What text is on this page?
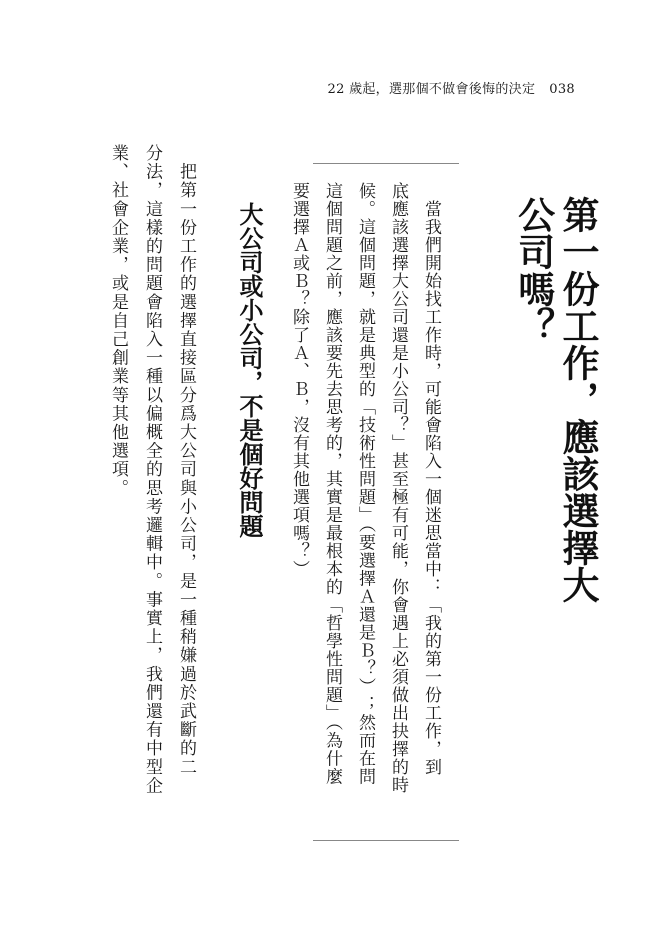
22 歲起，選那個不做會後悔的決定 038
第一份工作，應該選擇大公司嗎？
　當我們開始找工作時，可能會陷入一個迷思當中：「我的第一份工作，到
底應該選擇大公司還是小公司？」甚至極有可能，你會遇上必須做出抉擇的時
候。這個問題，就是典型的「技術性問題」（要選擇Ａ還是Ｂ？）；然而在問
這個問題之前，應該要先去思考的，其實是最根本的「哲學性問題」（為什麼
要選擇Ａ或Ｂ？除了Ａ、Ｂ，沒有其他選項嗎？）
大公司或小公司，不是個好問題
　把第一份工作的選擇直接區分爲大公司與小公司，是一種稍嫌過於武斷的二
分法，這樣的問題會陷入一種以偏概全的思考邏輯中。事實上，我們還有中型企
業、社會企業，或是自己創業等其他選項。
